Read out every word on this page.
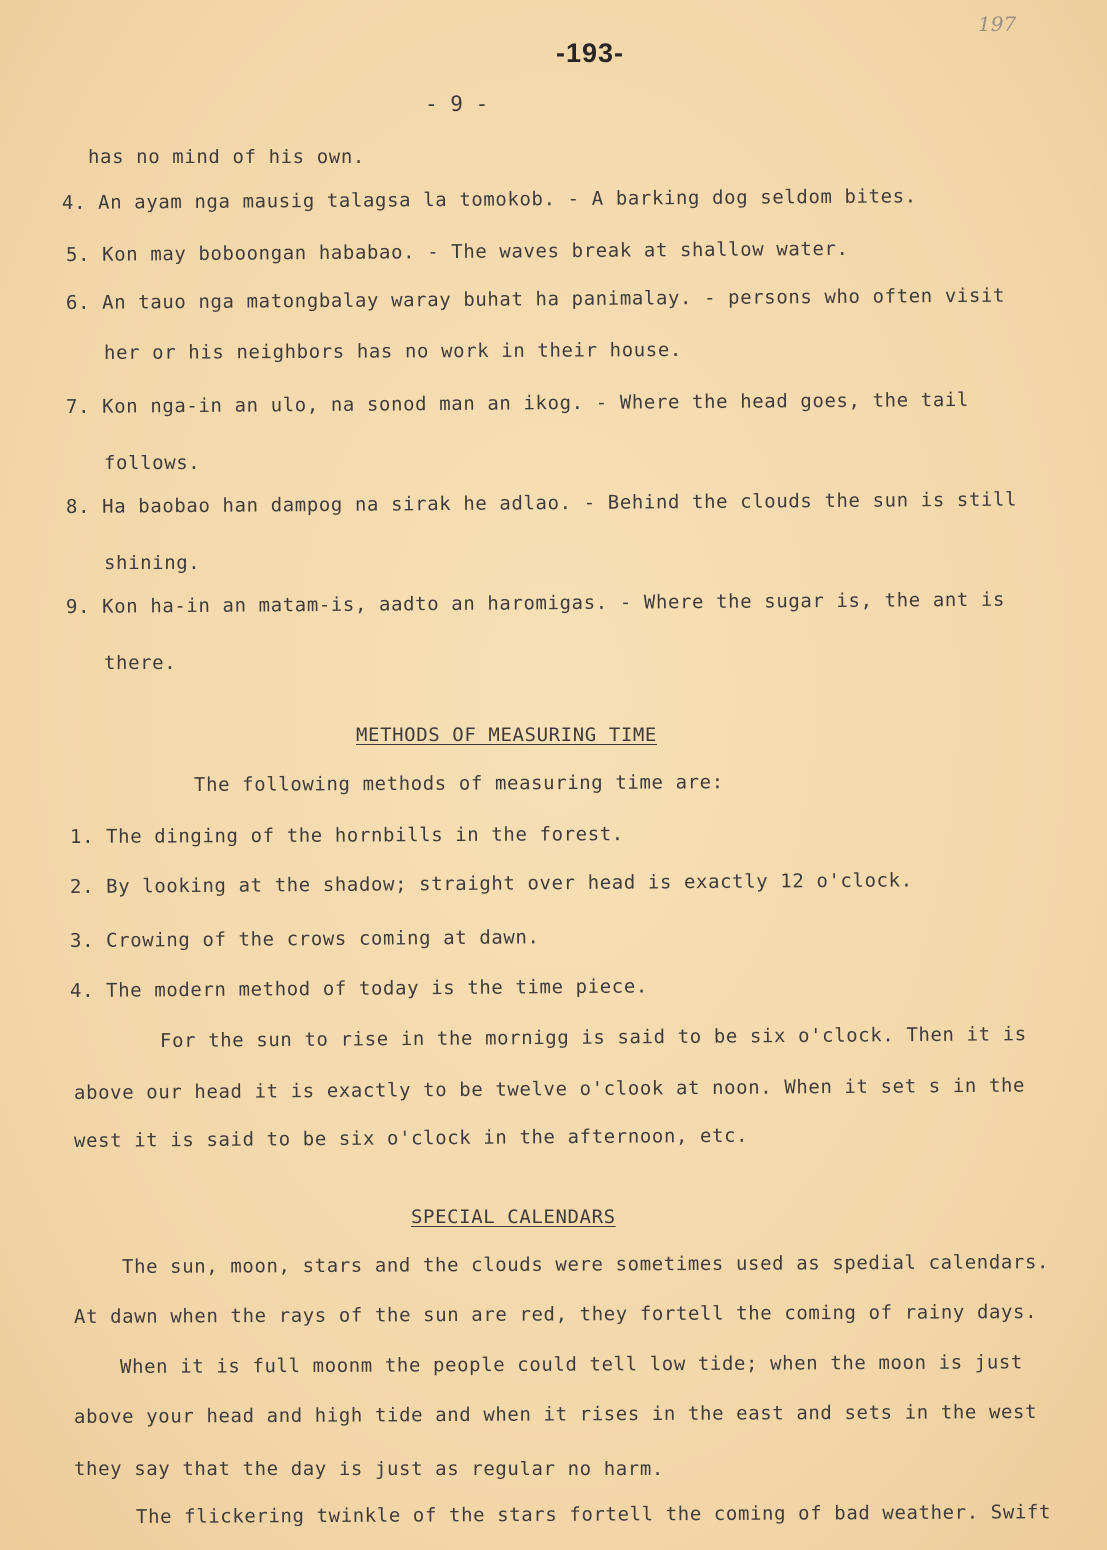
-193-
197
- 9 -
has no mind of his own.
4. An ayam nga mausig talagsa la tomokob. - A barking dog seldom bites.
5. Kon may boboongan hababao. - The waves break at shallow water.
6. An tauo nga matongbalay waray buhat ha panimalay. - persons who often visit
her or his neighbors has no work in their house.
7. Kon nga-in an ulo, na sonod man an ikog. - Where the head goes, the tail
follows.
8. Ha baobao han dampog na sirak he adlao. - Behind the clouds the sun is still
shining.
9. Kon ha-in an matam-is, aadto an haromigas. - Where the sugar is, the ant is
there.
METHODS OF MEASURING TIME
The following methods of measuring time are:
1. The dinging of the hornbills in the forest.
2. By looking at the shadow; straight over head is exactly 12 o'clock.
3. Crowing of the crows coming at dawn.
4. The modern method of today is the time piece.
For the sun to rise in the mornigg is said to be six o'clock. Then it is
above our head it is exactly to be twelve o'clook at noon. When it set s in the
west it is said to be six o'clock in the afternoon, etc.
SPECIAL CALENDARS
The sun, moon, stars and the clouds were sometimes used as spedial calendars.
At dawn when the rays of the sun are red, they fortell the coming of rainy days.
When it is full moonm the people could tell low tide; when the moon is just
above your head and high tide and when it rises in the east and sets in the west
they say that the day is just as regular no harm.
The flickering twinkle of the stars fortell the coming of bad weather. Swift
